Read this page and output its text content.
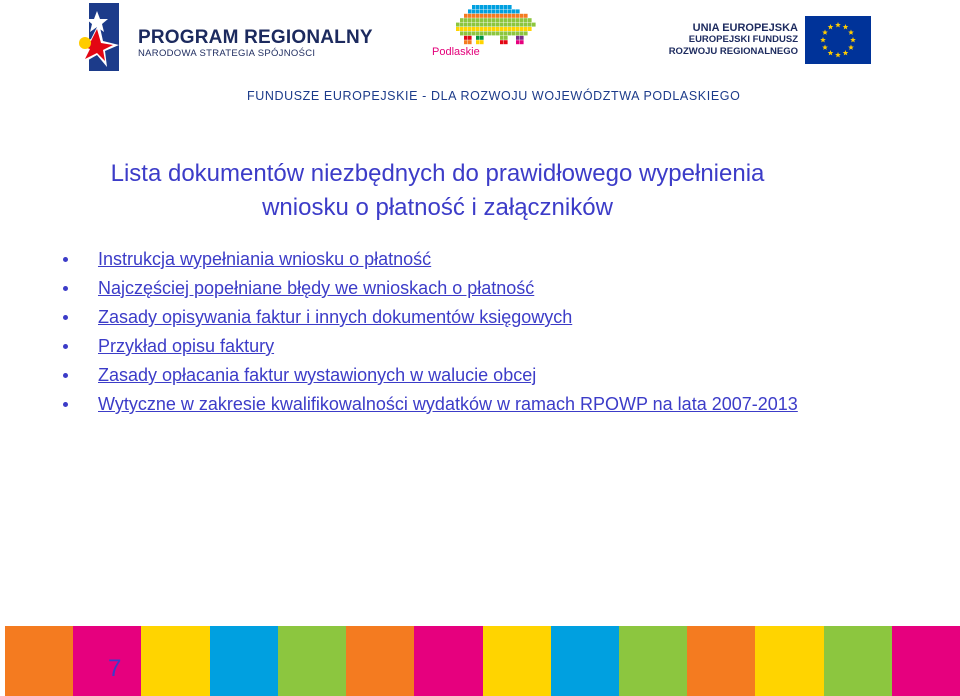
PROGRAM REGIONALNY
NARODOWA STRATEGIA SPÓJNOŚCI	Podlaskie
UNIA EUROPEJSKA
EUROPEJSKI FUNDUSZ
ROZWOJU REGIONALNEGO
FUNDUSZE EUROPEJSKIE - DLA ROZWOJU WOJEWÓDZTWA PODLASKIEGO
Lista dokumentów niezbędnych do prawidłowego wypełnienia
wniosku o płatność i załączników
Instrukcja wypełniania wniosku o płatność
Najczęściej popełniane błędy we wnioskach o płatność
Zasady opisywania faktur i innych dokumentów księgowych
Przykład opisu faktury
Zasady opłacania faktur wystawionych w walucie obcej
Wytyczne w zakresie kwalifikowalności wydatków w ramach RPOWP na lata 2007-2013
7
